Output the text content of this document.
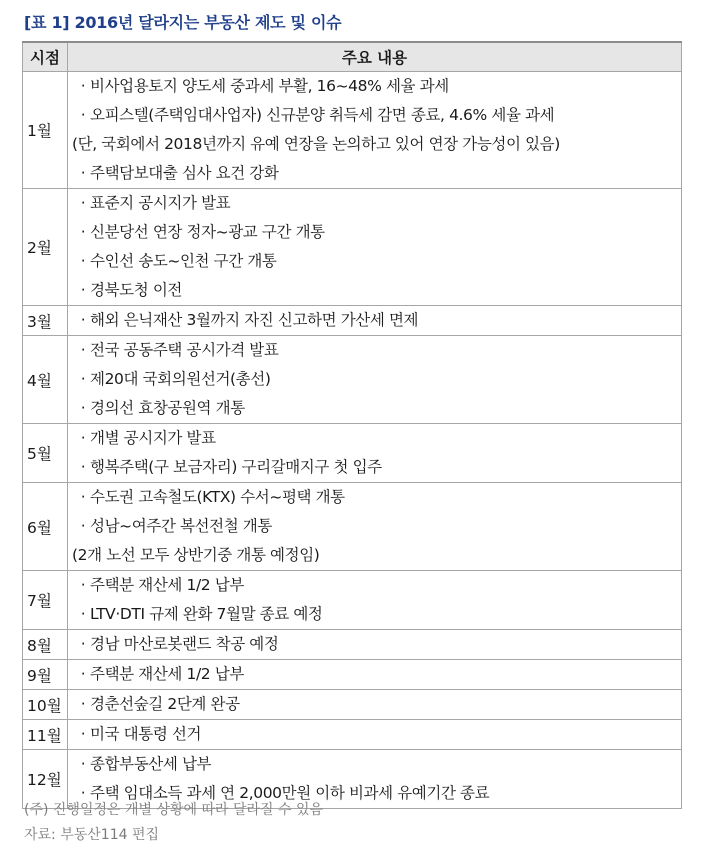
[표 1] 2016년 달라지는 부동산 제도 및 이슈
시점	주요 내용
1월	· 비사업용토지 양도세 중과세 부활, 16~48% 세율 과세
· 오피스텔(주택임대사업자) 신규분양 취득세 감면 종료, 4.6% 세율 과세
(단, 국회에서 2018년까지 유예 연장을 논의하고 있어 연장 가능성이 있음)
· 주택담보대출 심사 요건 강화

2월	· 표준지 공시지가 발표
· 신분당선 연장 정자~광교 구간 개통
· 수인선 송도~인천 구간 개통
· 경북도청 이전

3월	· 해외 은닉재산 3월까지 자진 신고하면 가산세 면제

4월	· 전국 공동주택 공시가격 발표
· 제20대 국회의원선거(총선)
· 경의선 효창공원역 개통

5월	· 개별 공시지가 발표
· 행복주택(구 보금자리) 구리갈매지구 첫 입주

6월	· 수도권 고속철도(KTX) 수서~평택 개통
· 성남~여주간 복선전철 개통
(2개 노선 모두 상반기중 개통 예정임)

7월	· 주택분 재산세 1/2 납부
· LTV·DTI 규제 완화 7월말 종료 예정

8월	· 경남 마산로봇랜드 착공 예정

9월	· 주택분 재산세 1/2 납부

10월	· 경춘선숲길 2단계 완공

11월	· 미국 대통령 선거

12월	· 종합부동산세 납부
· 주택 임대소득 과세 연 2,000만원 이하 비과세 유예기간 종료
(주) 진행일정은 개별 상황에 따라 달라질 수 있음
자료: 부동산114 편집
